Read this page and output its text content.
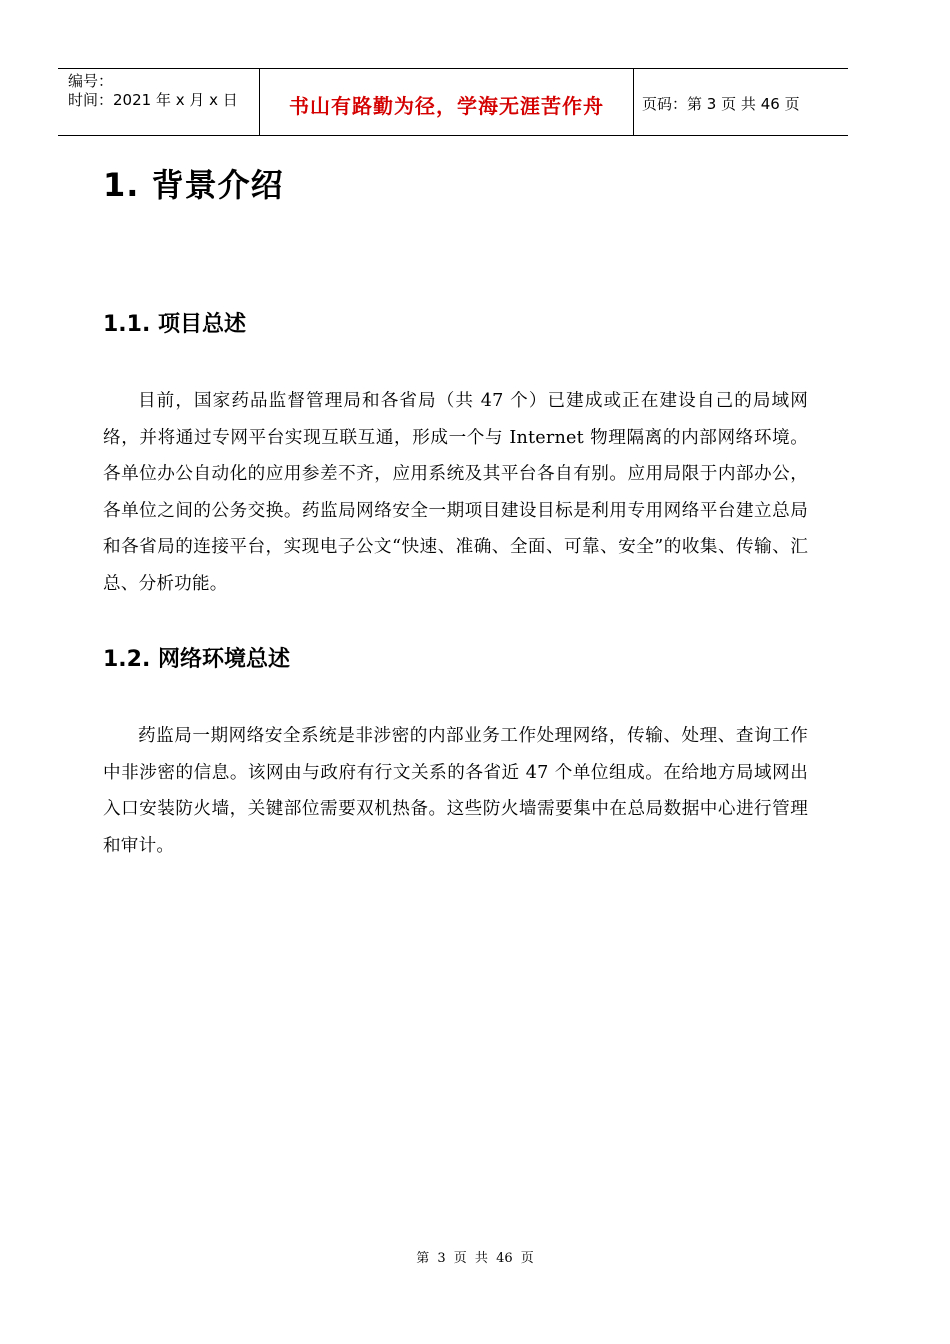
编号：
时间：2021 年 x 月 x 日	书山有路勤为径，学海无涯苦作舟	页码：第
3
页 共
46
页
1. 背景介绍
1.1. 项目总述

目前，国家药品监督管理局和各省局（共 47 个）已建成或正在建设自己的局域网络，并将通过专网平台实现互联互通，形成一个与 Internet 物理隔离的内部网络环境。各单位办公自动化的应用参差不齐，应用系统及其平台各自有别。应用局限于内部办公，各单位之间的公务交换。药监局网络安全一期项目建设目标是利用专用网络平台建立总局和各省局的连接平台，实现电子公文“快速、准确、全面、可靠、安全”的收集、传输、汇总、分析功能。

1.2. 网络环境总述

药监局一期网络安全系统是非涉密的内部业务工作处理网络，传输、处理、查询工作中非涉密的信息。该网由与政府有行文关系的各省近 47 个单位组成。在给地方局域网出入口安装防火墙，关键部位需要双机热备。这些防火墙需要集中在总局数据中心进行管理和审计。

第 3 页 共 46 页
